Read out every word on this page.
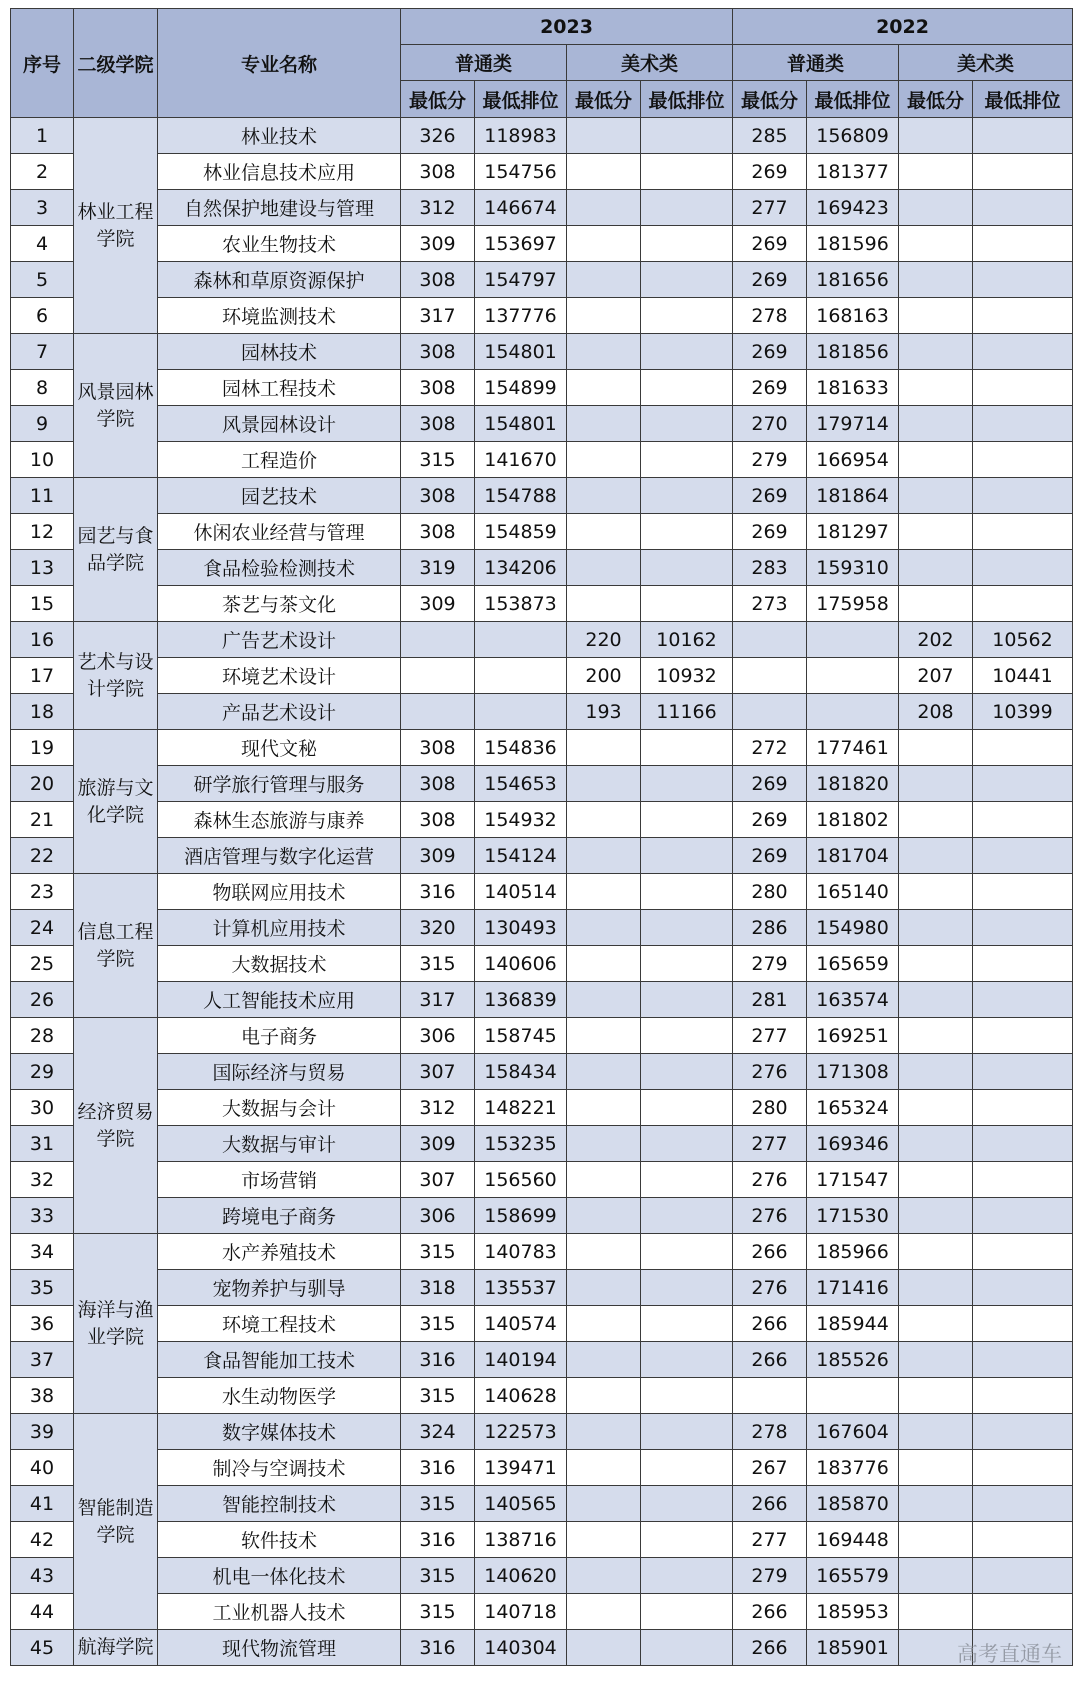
序号	二级学院	专业名称	2023				2022			
			普通类		美术类		普通类		美术类	
			最低分	最低排位	最低分	最低排位	最低分	最低排位	最低分	最低排位
1	林业工程学院	林业技术	326	118983			285	156809		
2		林业信息技术应用	308	154756			269	181377		
3		自然保护地建设与管理	312	146674			277	169423		
4		农业生物技术	309	153697			269	181596		
5		森林和草原资源保护	308	154797			269	181656		
6		环境监测技术	317	137776			278	168163		
7	风景园林学院	园林技术	308	154801			269	181856		
8		园林工程技术	308	154899			269	181633		
9		风景园林设计	308	154801			270	179714		
10		工程造价	315	141670			279	166954		
11	园艺与食品学院	园艺技术	308	154788			269	181864		
12		休闲农业经营与管理	308	154859			269	181297		
13		食品检验检测技术	319	134206			283	159310		
15		茶艺与茶文化	309	153873			273	175958		
16	艺术与设计学院	广告艺术设计			220	10162			202	10562
17		环境艺术设计			200	10932			207	10441
18		产品艺术设计			193	11166			208	10399
19	旅游与文化学院	现代文秘	308	154836			272	177461		
20		研学旅行管理与服务	308	154653			269	181820		
21		森林生态旅游与康养	308	154932			269	181802		
22		酒店管理与数字化运营	309	154124			269	181704		
23	信息工程学院	物联网应用技术	316	140514			280	165140		
24		计算机应用技术	320	130493			286	154980		
25		大数据技术	315	140606			279	165659		
26		人工智能技术应用	317	136839			281	163574		
28	经济贸易学院	电子商务	306	158745			277	169251		
29		国际经济与贸易	307	158434			276	171308		
30		大数据与会计	312	148221			280	165324		
31		大数据与审计	309	153235			277	169346		
32		市场营销	307	156560			276	171547		
33		跨境电子商务	306	158699			276	171530		
34	海洋与渔业学院	水产养殖技术	315	140783			266	185966		
35		宠物养护与驯导	318	135537			276	171416		
36		环境工程技术	315	140574			266	185944		
37		食品智能加工技术	316	140194			266	185526		
38		水生动物医学	315	140628						
39	智能制造学院	数字媒体技术	324	122573			278	167604		
40		制冷与空调技术	316	139471			267	183776		
41		智能控制技术	315	140565			266	185870		
42		软件技术	316	138716			277	169448		
43		机电一体化技术	315	140620			279	165579		
44		工业机器人技术	315	140718			266	185953		
45	航海学院	现代物流管理	316	140304			266	185901			高考直通车
